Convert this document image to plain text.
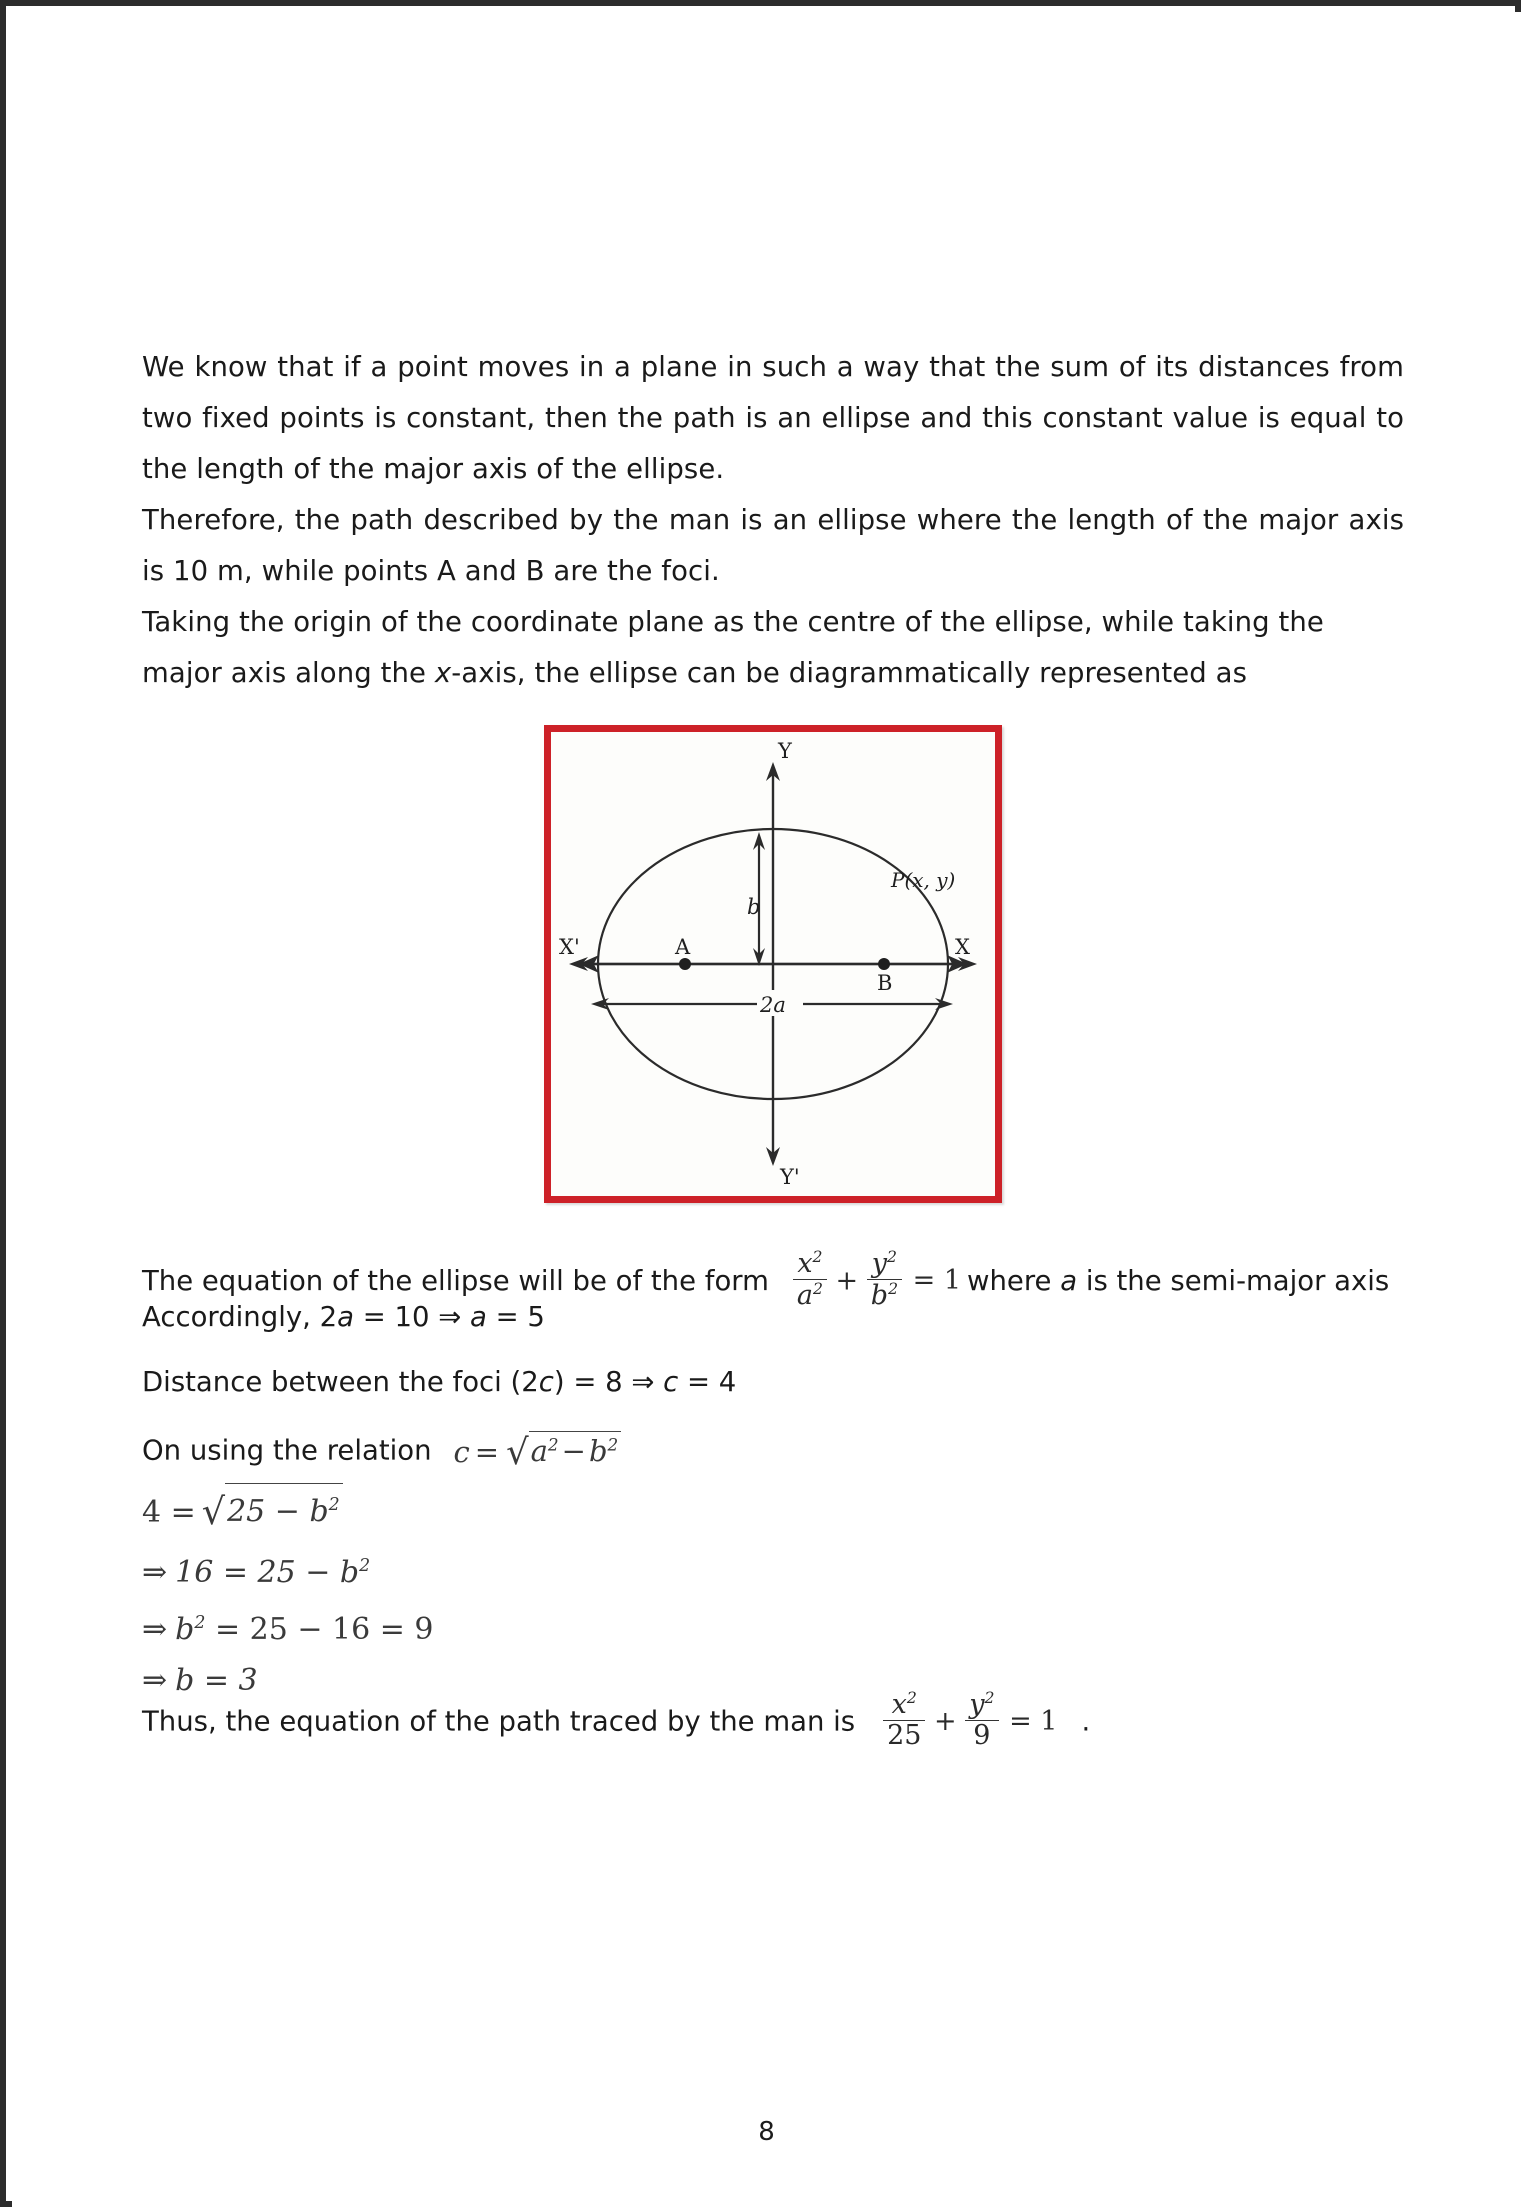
We know that if a point moves in a plane in such a way that the sum of its distances from two fixed points is constant, then the path is an ellipse and this constant value is equal to the length of the major axis of the ellipse.

Therefore, the path described by the man is an ellipse where the length of the major axis is 10 m, while points A and B are the foci.

Taking the origin of the coordinate plane as the centre of the ellipse, while taking the major axis along the x-axis, the ellipse can be diagrammatically represented as

Y
Y'
X
X'	A
B
P(x, y)
b
2a
The equation of the ellipse will be of the form $\frac{x^2}{a^2} + \frac{y^2}{b^2} = 1$ where a is the semi-major axis
Accordingly, 2a = 10 ⇒ a = 5
Distance between the foci (2c) = 8 ⇒ c = 4
On using the relation $c = √a^2 - b^2$
$4 = √25 - b^2$
⇒ $16 = 25 - b^2$
⇒ $b^2 = 25 - 16 = 9$
⇒ b = 3
Thus, the equation of the path traced by the man is $\frac{x^2}{25} + \frac{y^2}{9} = 1$ .
8
